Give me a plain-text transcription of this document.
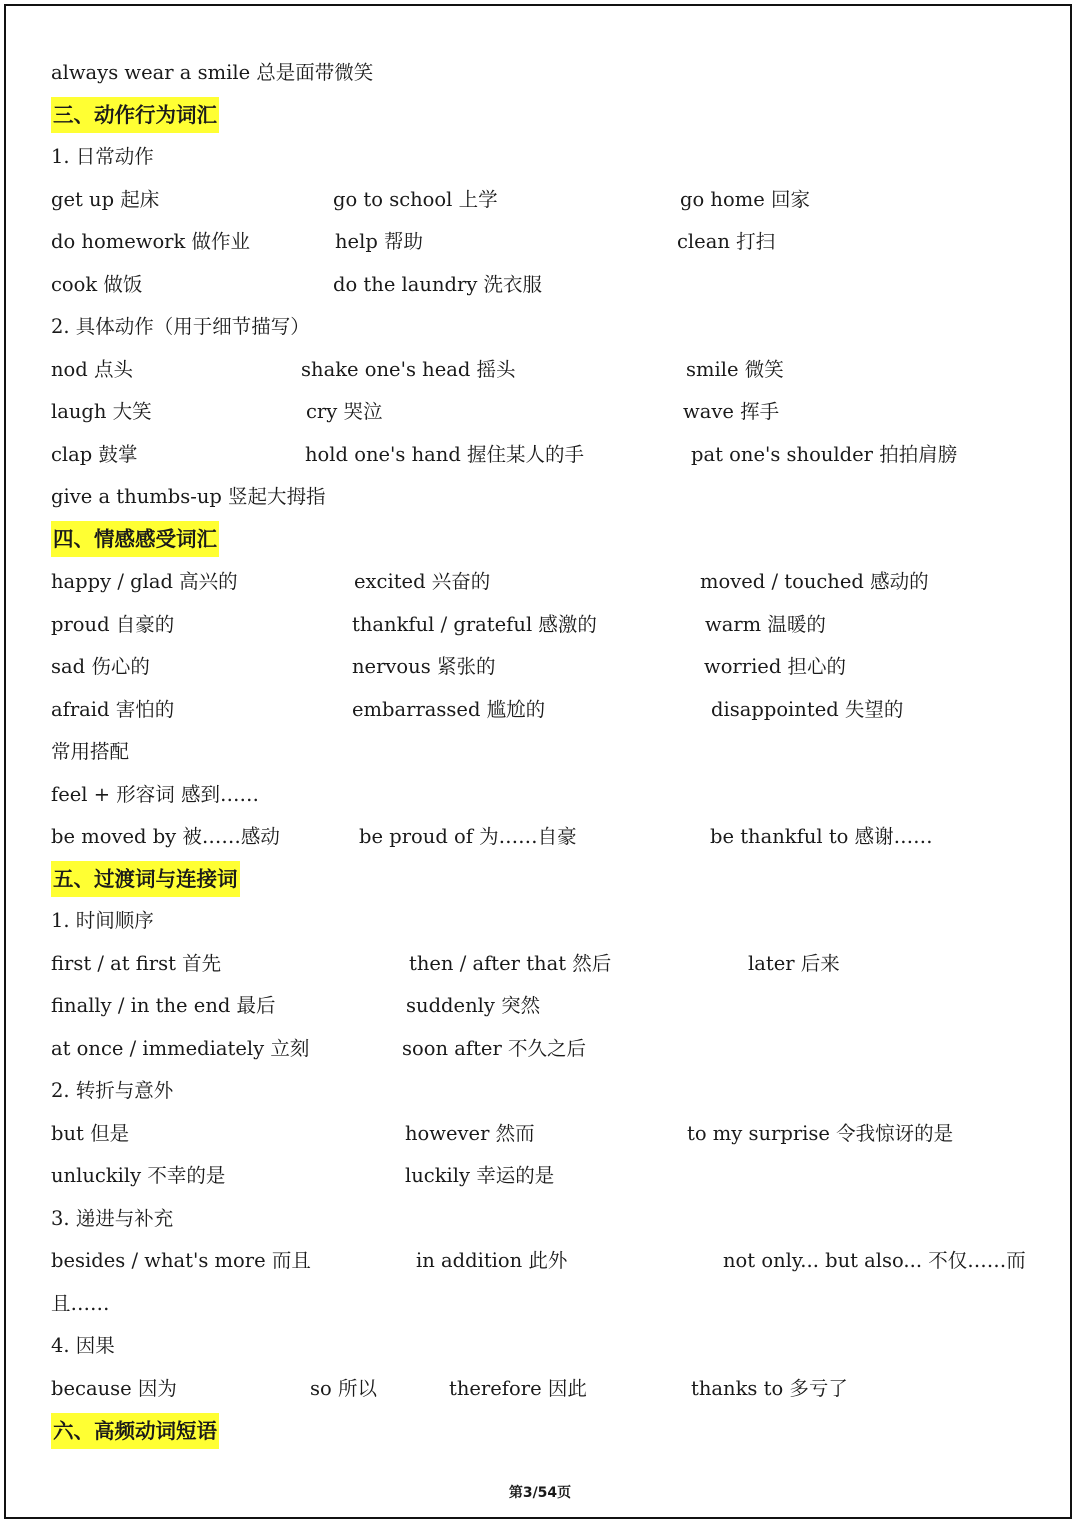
always wear a smile 总是面带微笑
三、动作行为词汇
1. 日常动作
get up 起床	go to school 上学	go home 回家
do homework 做作业	help 帮助	clean 打扫
cook 做饭	do the laundry 洗衣服
2. 具体动作（用于细节描写）
nod 点头	shake one's head 摇头	smile 微笑
laugh 大笑	cry 哭泣	wave 挥手
clap 鼓掌	hold one's hand 握住某人的手	pat one's shoulder 拍拍肩膀
give a thumbs-up 竖起大拇指
四、情感感受词汇
happy / glad 高兴的	excited 兴奋的	moved / touched 感动的
proud 自豪的	thankful / grateful 感激的	warm 温暖的
sad 伤心的	nervous 紧张的	worried 担心的
afraid 害怕的	embarrassed 尴尬的	disappointed 失望的
常用搭配
feel + 形容词 感到……
be moved by 被……感动	be proud of 为……自豪	be thankful to 感谢……
五、过渡词与连接词
1. 时间顺序
first / at first 首先	then / after that 然后	later 后来
finally / in the end 最后	suddenly 突然
at once / immediately 立刻	soon after 不久之后
2. 转折与意外
but 但是	however 然而	to my surprise 令我惊讶的是
unluckily 不幸的是	luckily 幸运的是
3. 递进与补充
besides / what's more 而且	in addition 此外	not only... but also... 不仅……而
且……
4. 因果
because 因为	so 所以	therefore 因此	thanks to 多亏了
六、高频动词短语
第3/54页
